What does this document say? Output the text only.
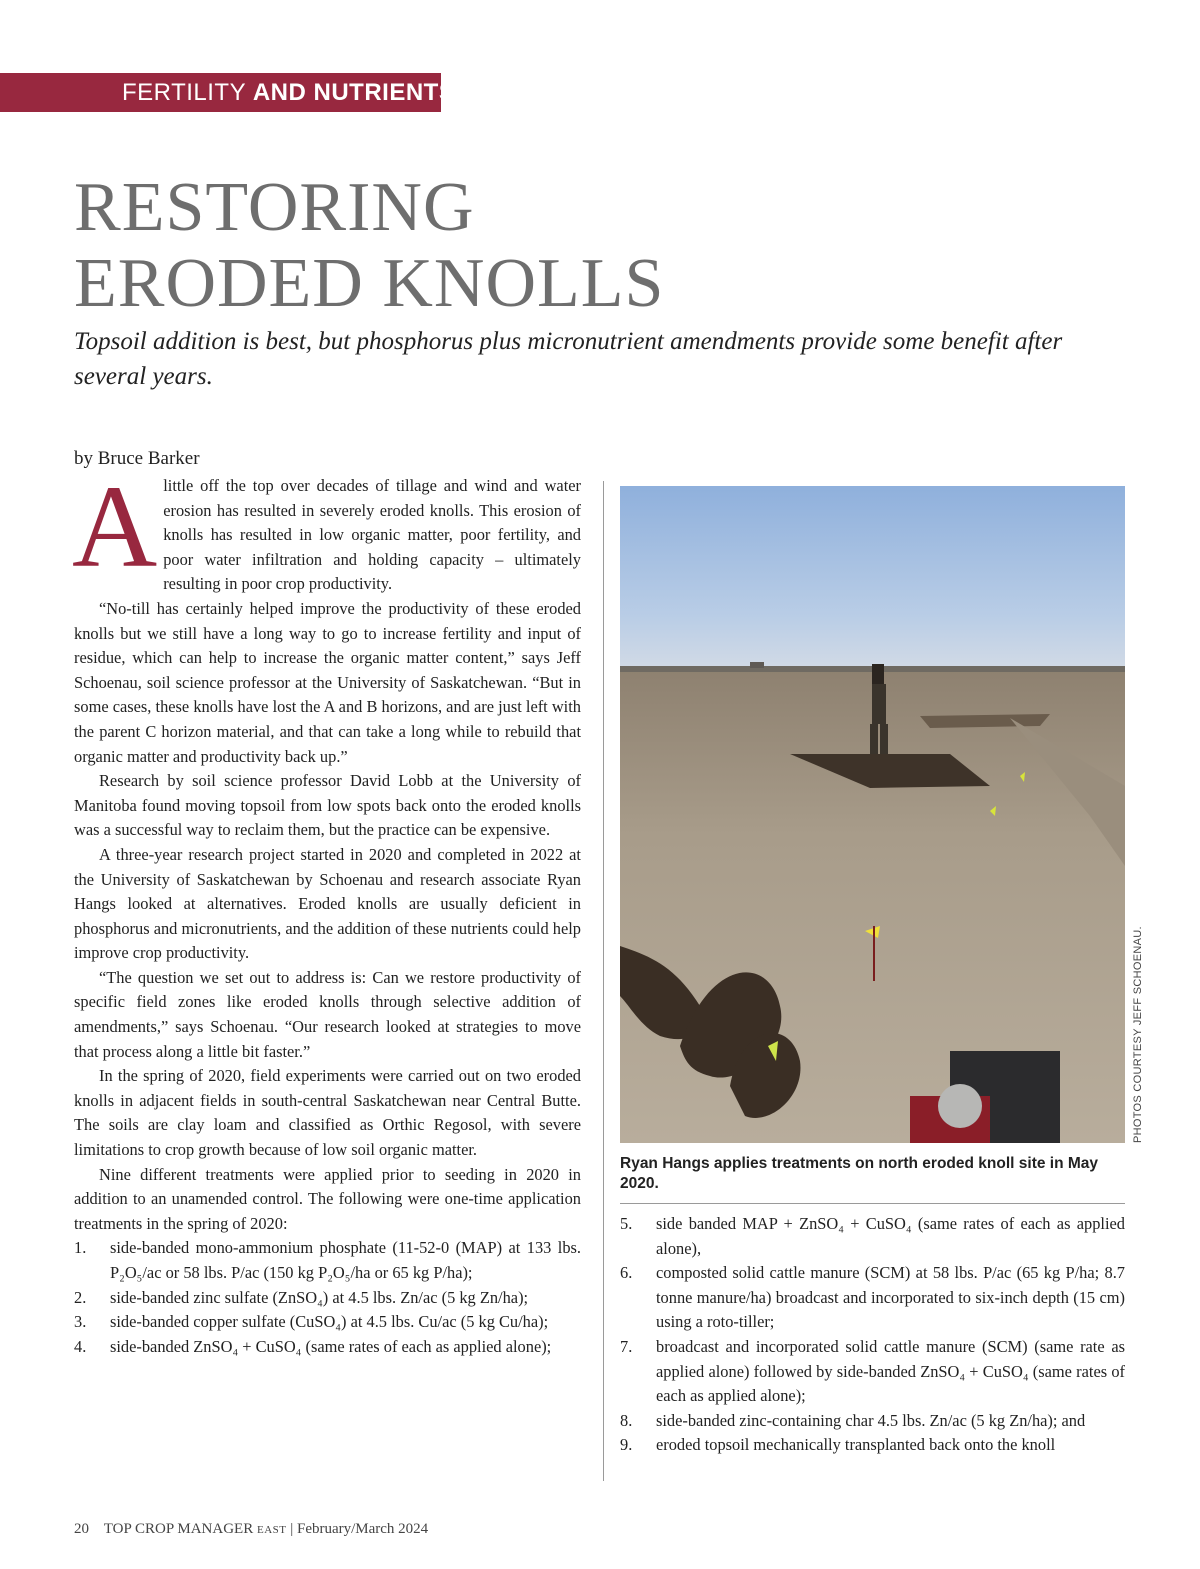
FERTILITY AND NUTRIENTS
RESTORING
ERODED KNOLLS

Topsoil addition is best, but phosphorus plus micronutrient amendments provide some benefit after several years.

by Bruce Barker

A little off the top over decades of tillage and wind and water erosion has resulted in severely eroded knolls. This erosion of knolls has resulted in low organic matter, poor fertility, and poor water infiltration and holding capacity – ultimately resulting in poor crop productivity.

“No-till has certainly helped improve the productivity of these eroded knolls but we still have a long way to go to increase fertility and input of residue, which can help to increase the organic matter content,” says Jeff Schoenau, soil science professor at the University of Saskatchewan. “But in some cases, these knolls have lost the A and B horizons, and are just left with the parent C horizon material, and that can take a long while to rebuild that organic matter and productivity back up.”

Research by soil science professor David Lobb at the University of Manitoba found moving topsoil from low spots back onto the eroded knolls was a successful way to reclaim them, but the practice can be expensive.

A three-year research project started in 2020 and completed in 2022 at the University of Saskatchewan by Schoenau and research associate Ryan Hangs looked at alternatives. Eroded knolls are usually deficient in phosphorus and micronutrients, and the addition of these nutrients could help improve crop productivity.

“The question we set out to address is: Can we restore productivity of specific field zones like eroded knolls through selective addition of amendments,” says Schoenau. “Our research looked at strategies to move that process along a little bit faster.”

In the spring of 2020, field experiments were carried out on two eroded knolls in adjacent fields in south-central Saskatchewan near Central Butte. The soils are clay loam and classified as Orthic Regosol, with severe limitations to crop growth because of low soil organic matter.

Nine different treatments were applied prior to seeding in 2020 in addition to an unamended control. The following were one-time application treatments in the spring of 2020:

1. side-banded mono-ammonium phosphate (11-52-0 (MAP) at 133 lbs. P₂O₅/ac or 58 lbs. P/ac (150 kg P₂O₅/ha or 65 kg P/ha);
2. side-banded zinc sulfate (ZnSO₄) at 4.5 lbs. Zn/ac (5 kg Zn/ha);
3. side-banded copper sulfate (CuSO₄) at 4.5 lbs. Cu/ac (5 kg Cu/ha);
4. side-banded ZnSO₄ + CuSO₄ (same rates of each as applied alone);
PHOTOS COURTESY JEFF SCHOENAU.
Ryan Hangs applies treatments on north eroded knoll site in May 2020.
5. side banded MAP + ZnSO₄ + CuSO₄ (same rates of each as applied alone),
6. composted solid cattle manure (SCM) at 58 lbs. P/ac (65 kg P/ha; 8.7 tonne manure/ha) broadcast and incorporated to six-inch depth (15 cm) using a roto-tiller;
7. broadcast and incorporated solid cattle manure (SCM) (same rate as applied alone) followed by side-banded ZnSO₄ + CuSO₄ (same rates of each as applied alone);
8. side-banded zinc-containing char 4.5 lbs. Zn/ac (5 kg Zn/ha); and
9. eroded topsoil mechanically transplanted back onto the knoll
20 TOP CROP MANAGER EAST | February/March 2024
